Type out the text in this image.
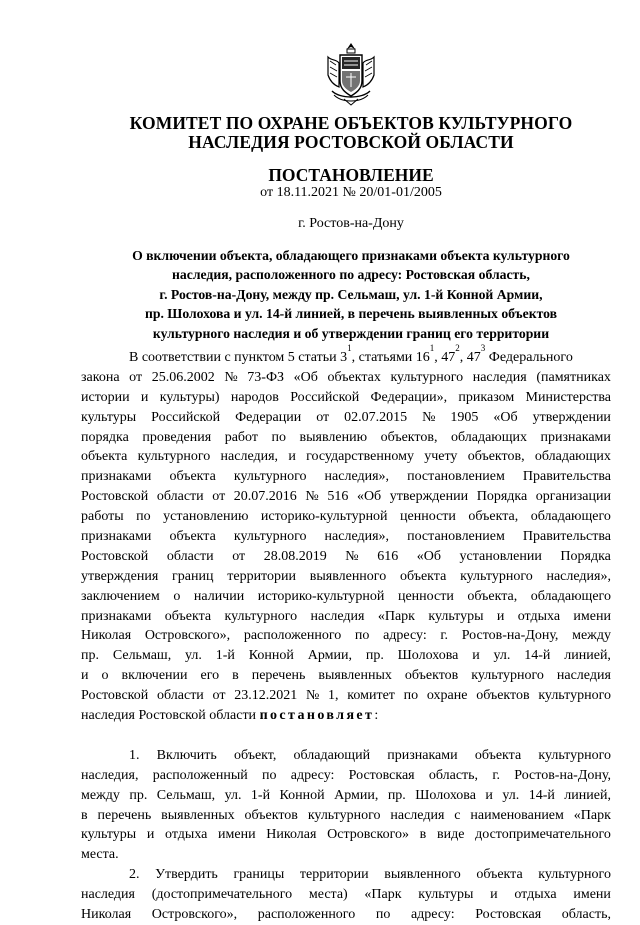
КОМИТЕТ ПО ОХРАНЕ ОБЪЕКТОВ КУЛЬТУРНОГО
НАСЛЕДИЯ РОСТОВСКОЙ ОБЛАСТИ
ПОСТАНОВЛЕНИЕ
от 18.11.2021 № 20/01-01/2005
г. Ростов-на-Дону
О включении объекта, обладающего признаками объекта культурного
наследия, расположенного по адресу: Ростовская область,
г. Ростов-на-Дону, между пр. Сельмаш, ул. 1-й Конной Армии,
пр. Шолохова и ул. 14-й линией, в перечень выявленных объектов
культурного наследия и об утверждении границ его территории
В соответствии с пунктом 5 статьи 3
1
, статьями 16
1
, 47
2
, 47
3
Федерального
закона от 25.06.2002 № 73-ФЗ «Об объектах культурного наследия (памятниках
истории и культуры) народов Российской Федерации», приказом Министерства
культуры Российской Федерации от 02.07.2015 № 1905 «Об утверждении
порядка проведения работ по выявлению объектов, обладающих признаками
объекта культурного наследия, и государственному учету объектов, обладающих
признаками объекта культурного наследия», постановлением Правительства
Ростовской области от 20.07.2016 № 516 «Об утверждении Порядка организации
работы по установлению историко-культурной ценности объекта, обладающего
признаками объекта культурного наследия», постановлением Правительства
Ростовской области от 28.08.2019 № 616 «Об установлении Порядка
утверждения границ территории выявленного объекта культурного наследия»,
заключением о наличии историко-культурной ценности объекта, обладающего
признаками объекта культурного наследия «Парк культуры и отдыха имени
Николая Островского», расположенного по адресу: г. Ростов-на-Дону, между
пр. Сельмаш, ул. 1-й Конной Армии, пр. Шолохова и ул. 14-й линией,
и о включении его в перечень выявленных объектов культурного наследия
Ростовской области от 23.12.2021 № 1, комитет по охране объектов культурного
наследия Ростовской области постановляет :
1. Включить объект, обладающий признаками объекта культурного
наследия, расположенный по адресу: Ростовская область, г. Ростов-на-Дону,
между пр. Сельмаш, ул. 1-й Конной Армии, пр. Шолохова и ул. 14-й линией,
в перечень выявленных объектов культурного наследия с наименованием «Парк
культуры и отдыха имени Николая Островского» в виде достопримечательного
места.
2. Утвердить границы территории выявленного объекта культурного
наследия (достопримечательного места) «Парк культуры и отдыха имени
Николая Островского», расположенного по адресу: Ростовская область,
